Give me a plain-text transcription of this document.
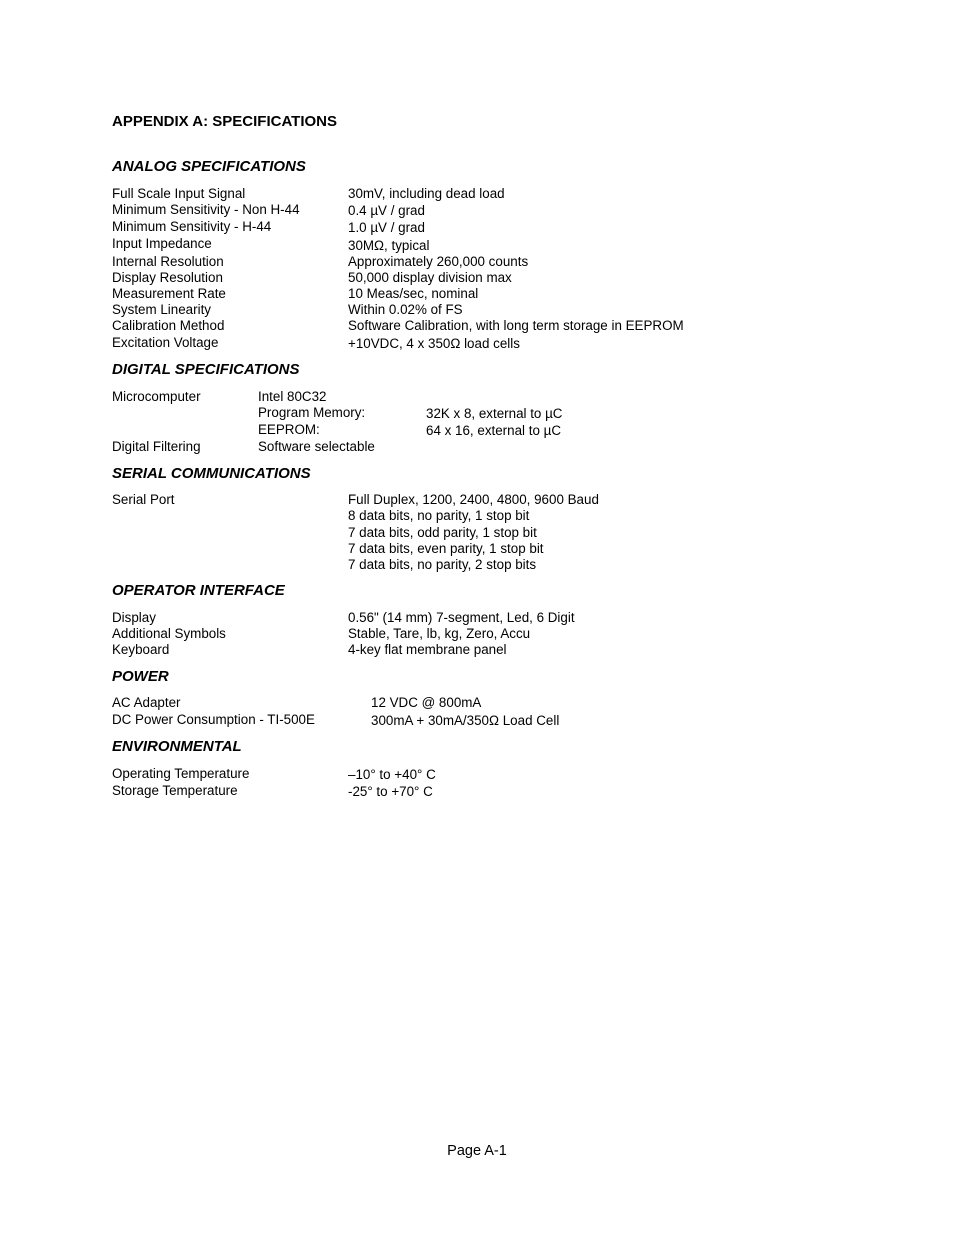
APPENDIX A: SPECIFICATIONS
ANALOG SPECIFICATIONS
Full Scale Input Signal	30mV, including dead load
Minimum Sensitivity - Non H-44	0.4 µV / grad
Minimum Sensitivity - H-44	1.0 µV / grad
Input Impedance	30MΩ, typical
Internal Resolution	Approximately 260,000 counts
Display Resolution	50,000 display division max
Measurement Rate	10 Meas/sec, nominal
System Linearity	Within 0.02% of FS
Calibration Method	Software Calibration, with long term storage in EEPROM
Excitation Voltage	+10VDC, 4 x 350Ω load cells
DIGITAL SPECIFICATIONS
Microcomputer	Intel 80C32
Program Memory:	32K x 8, external to µC
EEPROM:	64 x 16, external to µC
Digital Filtering	Software selectable
SERIAL COMMUNICATIONS
Serial Port	Full Duplex, 1200, 2400, 4800, 9600 Baud
8 data bits, no parity, 1 stop bit
7 data bits, odd parity, 1 stop bit
7 data bits, even parity, 1 stop bit
7 data bits, no parity, 2 stop bits
OPERATOR INTERFACE
Display	0.56" (14 mm) 7-segment, Led, 6 Digit
Additional Symbols	Stable, Tare, lb, kg, Zero, Accu
Keyboard	4-key flat membrane panel
POWER
AC Adapter	12 VDC @ 800mA
DC Power Consumption - TI-500E	300mA + 30mA/350Ω Load Cell
ENVIRONMENTAL
Operating Temperature	–10° to +40° C
Storage Temperature	-25° to +70° C
Page A-1
